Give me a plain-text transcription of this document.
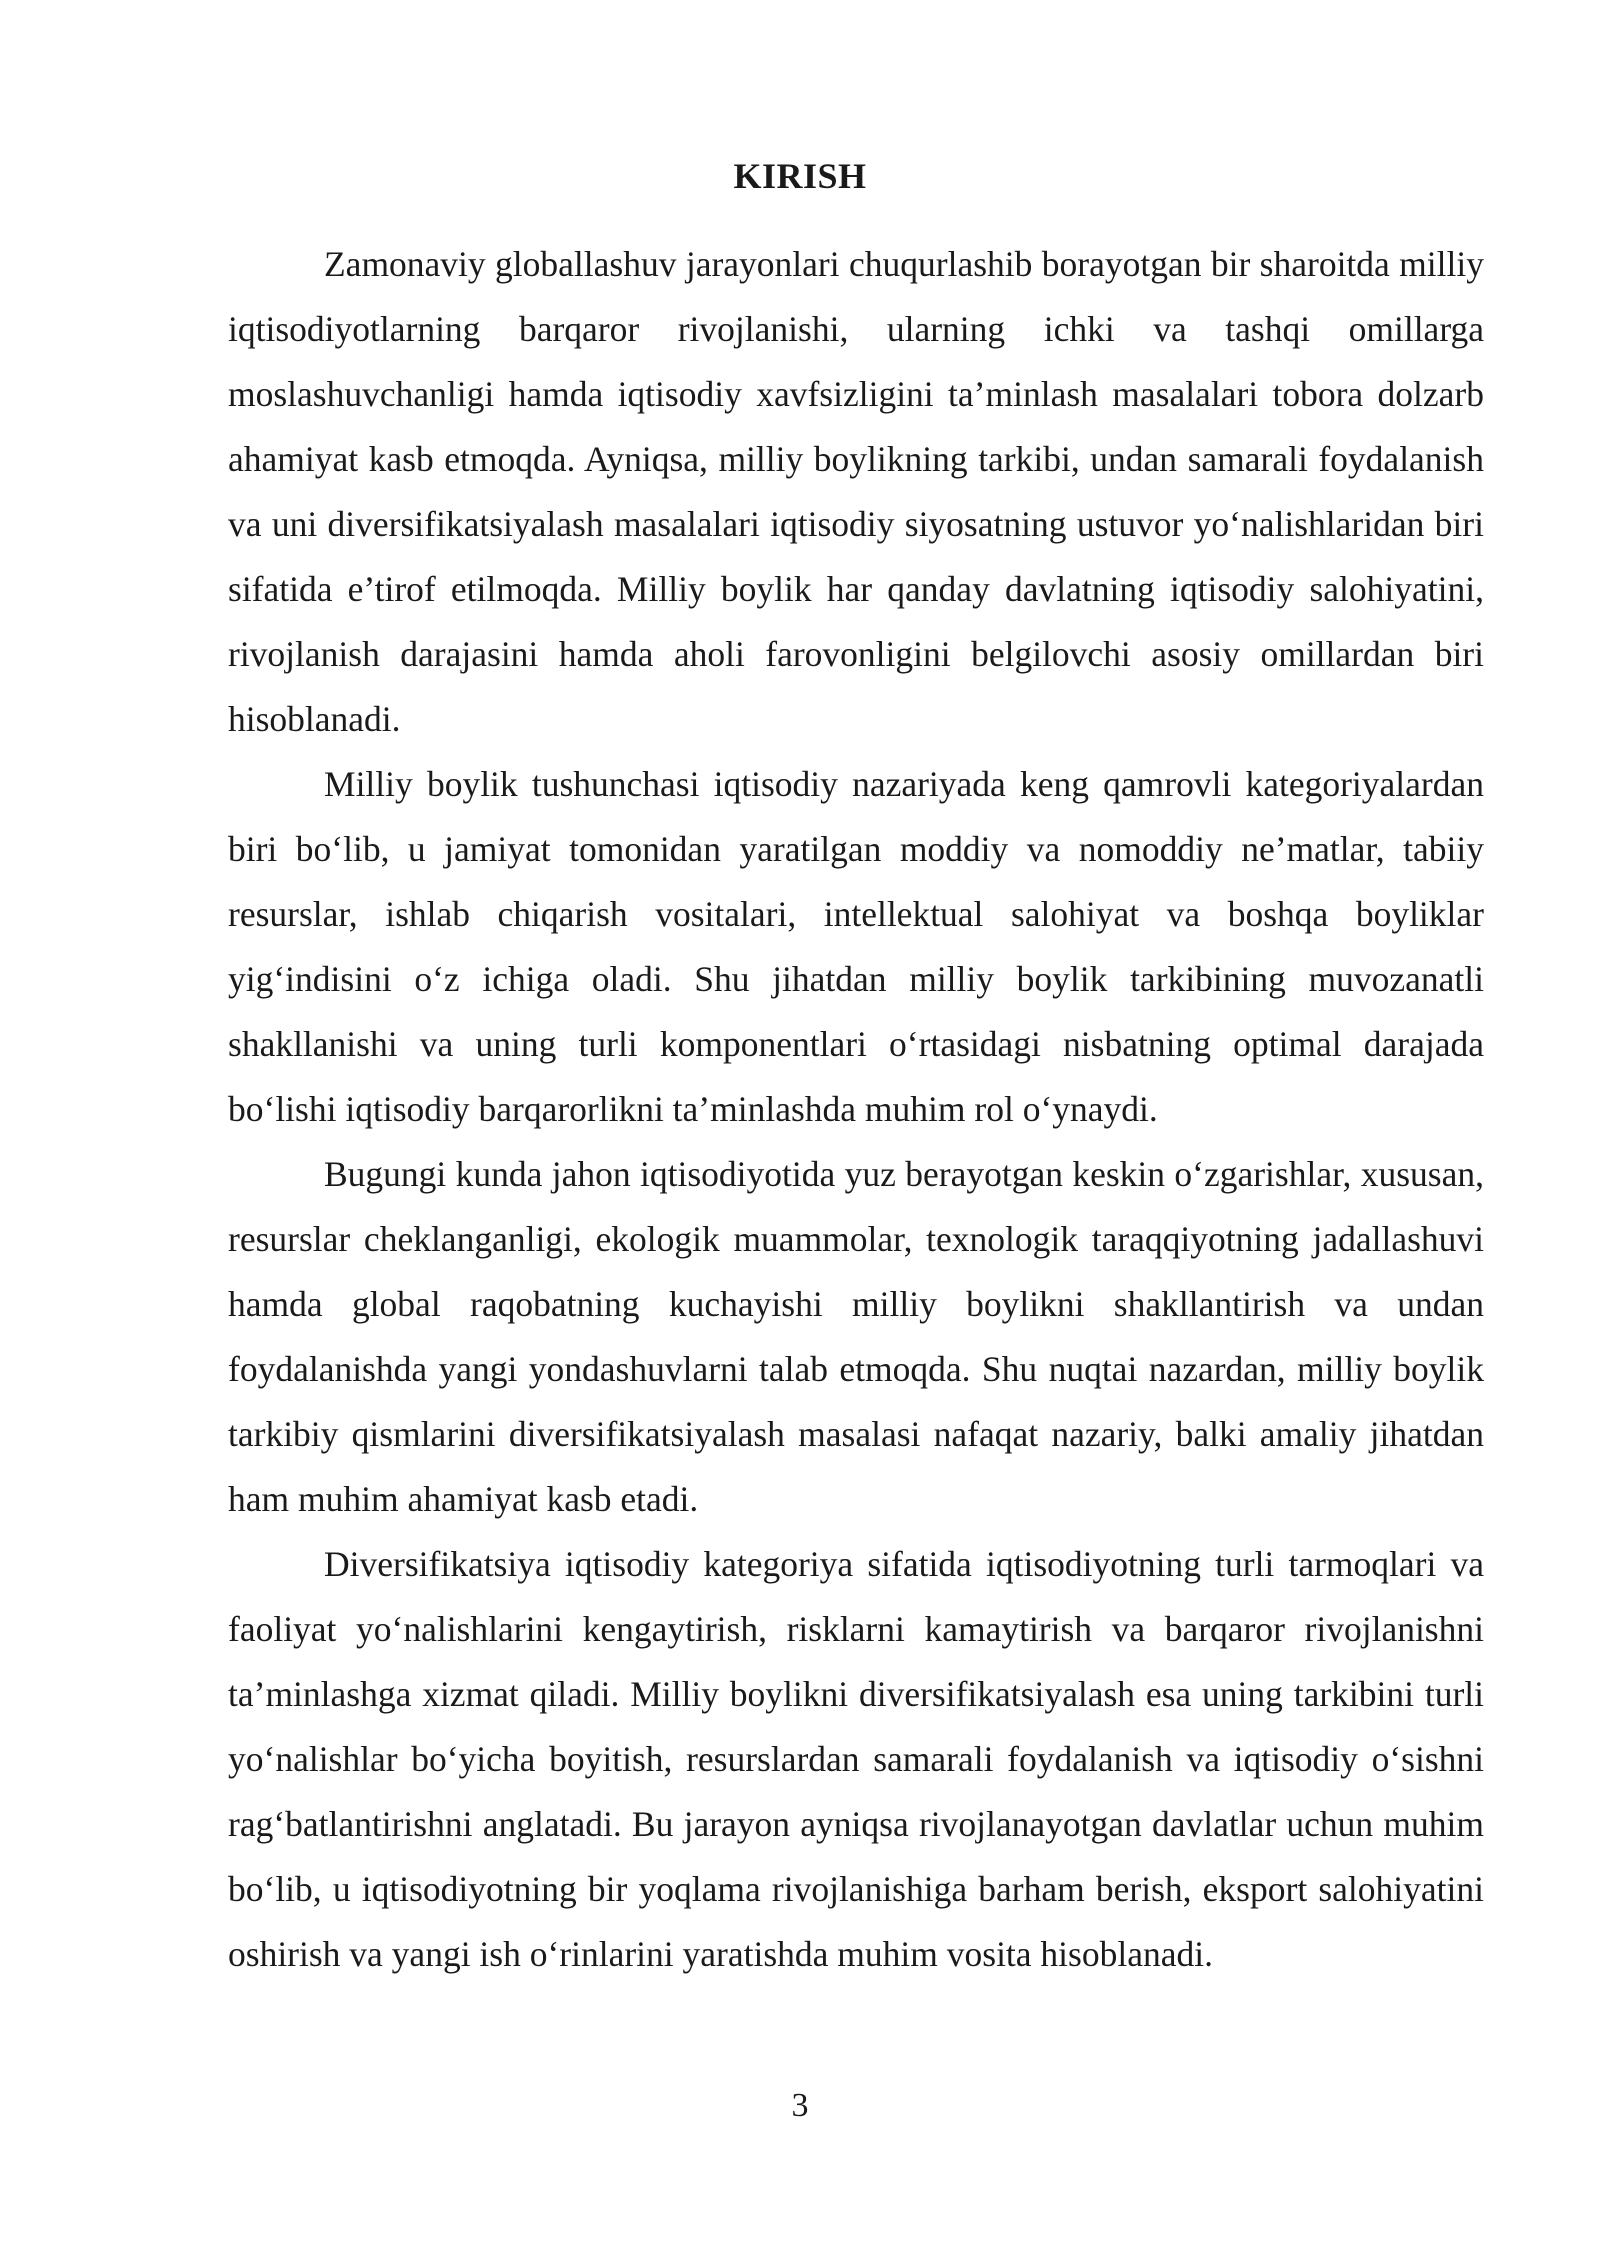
KIRISH

Zamonaviy globallashuv jarayonlari chuqurlashib borayotgan bir sharoitda milliy iqtisodiyotlarning barqaror rivojlanishi, ularning ichki va tashqi omillarga moslashuvchanligi hamda iqtisodiy xavfsizligini ta’minlash masalalari tobora dolzarb ahamiyat kasb etmoqda. Ayniqsa, milliy boylikning tarkibi, undan samarali foydalanish va uni diversifikatsiyalash masalalari iqtisodiy siyosatning ustuvor yo‘nalishlaridan biri sifatida e’tirof etilmoqda. Milliy boylik har qanday davlatning iqtisodiy salohiyatini, rivojlanish darajasini hamda aholi farovonligini belgilovchi asosiy omillardan biri hisoblanadi.

Milliy boylik tushunchasi iqtisodiy nazariyada keng qamrovli kategoriyalardan biri bo‘lib, u jamiyat tomonidan yaratilgan moddiy va nomoddiy ne’matlar, tabiiy resurslar, ishlab chiqarish vositalari, intellektual salohiyat va boshqa boyliklar yig‘indisini o‘z ichiga oladi. Shu jihatdan milliy boylik tarkibining muvozanatli shakllanishi va uning turli komponentlari o‘rtasidagi nisbatning optimal darajada bo‘lishi iqtisodiy barqarorlikni ta’minlashda muhim rol o‘ynaydi.

Bugungi kunda jahon iqtisodiyotida yuz berayotgan keskin o‘zgarishlar, xususan, resurslar cheklanganligi, ekologik muammolar, texnologik taraqqiyotning jadallashuvi hamda global raqobatning kuchayishi milliy boylikni shakllantirish va undan foydalanishda yangi yondashuvlarni talab etmoqda. Shu nuqtai nazardan, milliy boylik tarkibiy qismlarini diversifikatsiyalash masalasi nafaqat nazariy, balki amaliy jihatdan ham muhim ahamiyat kasb etadi.

Diversifikatsiya iqtisodiy kategoriya sifatida iqtisodiyotning turli tarmoqlari va faoliyat yo‘nalishlarini kengaytirish, risklarni kamaytirish va barqaror rivojlanishni ta’minlashga xizmat qiladi. Milliy boylikni diversifikatsiyalash esa uning tarkibini turli yo‘nalishlar bo‘yicha boyitish, resurslardan samarali foydalanish va iqtisodiy o‘sishni rag‘batlantirishni anglatadi. Bu jarayon ayniqsa rivojlanayotgan davlatlar uchun muhim bo‘lib, u iqtisodiyotning bir yoqlama rivojlanishiga barham berish, eksport salohiyatini oshirish va yangi ish o‘rinlarini yaratishda muhim vosita hisoblanadi.

3
